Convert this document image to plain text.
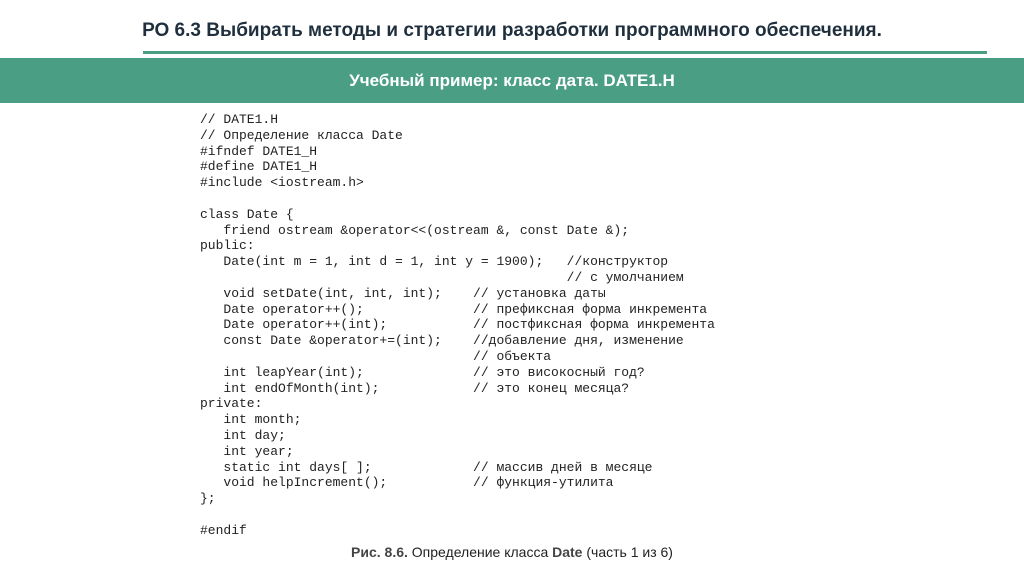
РО 6.3 Выбирать методы и стратегии разработки программного обеспечения.
Учебный пример: класс дата. DATE1.H
// DATE1.H
// Определение класса Date
#ifndef DATE1_H
#define DATE1_H
#include <iostream.h>
class Date {
friend ostream &operator<<(ostream &, const Date &);
public:
Date(int m = 1, int d = 1, int y = 1900);   //конструктор
// с умолчанием
void setDate(int, int, int);    // установка даты
Date operator++();              // префиксная форма инкремента
Date operator++(int);           // постфиксная форма инкремента
const Date &operator+=(int);    //добавление дня, изменение
// объекта
int leapYear(int);              // это високосный год?
int endOfMonth(int);            // это конец месяца?
private:
int month;
int day;
int year;
static int days[ ];             // массив дней в месяце
void helpIncrement();           // функция-утилита
};
#endif
Рис. 8.6. Определение класса Date (часть 1 из 6)
